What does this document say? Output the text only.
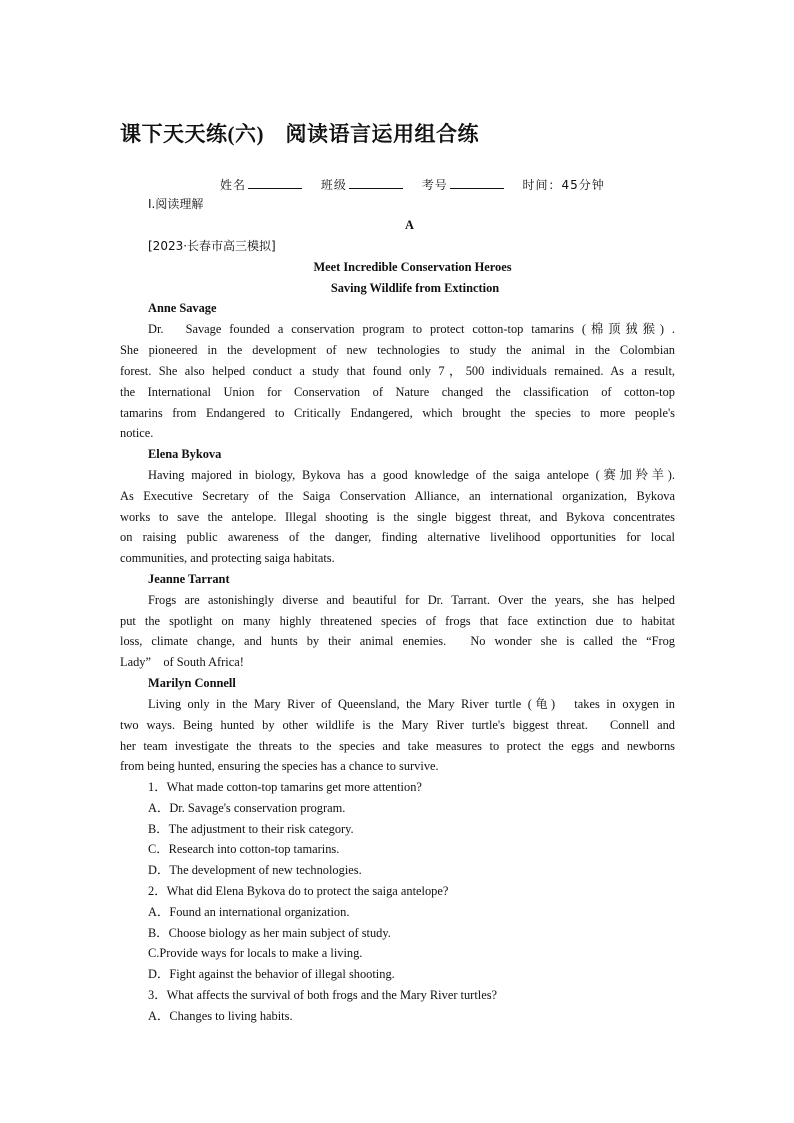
课下天天练(六)　阅读语言运用组合练
姓名	班级	考号	时间：45分钟
Ⅰ.阅读理解
A
[2023·长春市高三模拟]
Meet Incredible Conservation Heroes
Saving Wildlife from Extinction
Anne Savage
Dr.　Savage founded a conservation program to protect cotton-top tamarins (棉顶狨猴) .
She pioneered in the development of new technologies to study the animal in the Colombian
forest. She also helped conduct a study that found only 7，500 individuals remained. As a result,
the International Union for Conservation of Nature changed the classification of cotton-top
tamarins from Endangered to Critically Endangered, which brought the species to more people's
notice.
Elena Bykova
Having majored in biology, Bykova has a good knowledge of the saiga antelope (赛加羚羊).
As Executive Secretary of the Saiga Conservation Alliance, an international organization, Bykova
works to save the antelope. Illegal shooting is the single biggest threat, and Bykova concentrates
on raising public awareness of the danger, finding alternative livelihood opportunities for local
communities, and protecting saiga habitats.
Jeanne Tarrant
Frogs are astonishingly diverse and beautiful for Dr. Tarrant. Over the years, she has helped
put the spotlight on many highly threatened species of frogs that face extinction due to habitat
loss, climate change, and hunts by their animal enemies.　No wonder she is called the “Frog
Lady”　of South Africa!
Marilyn Connell
Living only in the Mary River of Queensland, the Mary River turtle (龟)　takes in oxygen in
two ways. Being hunted by other wildlife is the Mary River turtle's biggest threat.　Connell and
her team investigate the threats to the species and take measures to protect the eggs and newborns
from being hunted, ensuring the species has a chance to survive.
1．What made cotton-top tamarins get more attention?
A．Dr. Savage's conservation program.
B．The adjustment to their risk category.
C．Research into cotton-top tamarins.
D．The development of new technologies.
2．What did Elena Bykova do to protect the saiga antelope?
A．Found an international organization.
B．Choose biology as her main subject of study.
C.Provide ways for locals to make a living.
D．Fight against the behavior of illegal shooting.
3．What affects the survival of both frogs and the Mary River turtles?
A．Changes to living habits.
